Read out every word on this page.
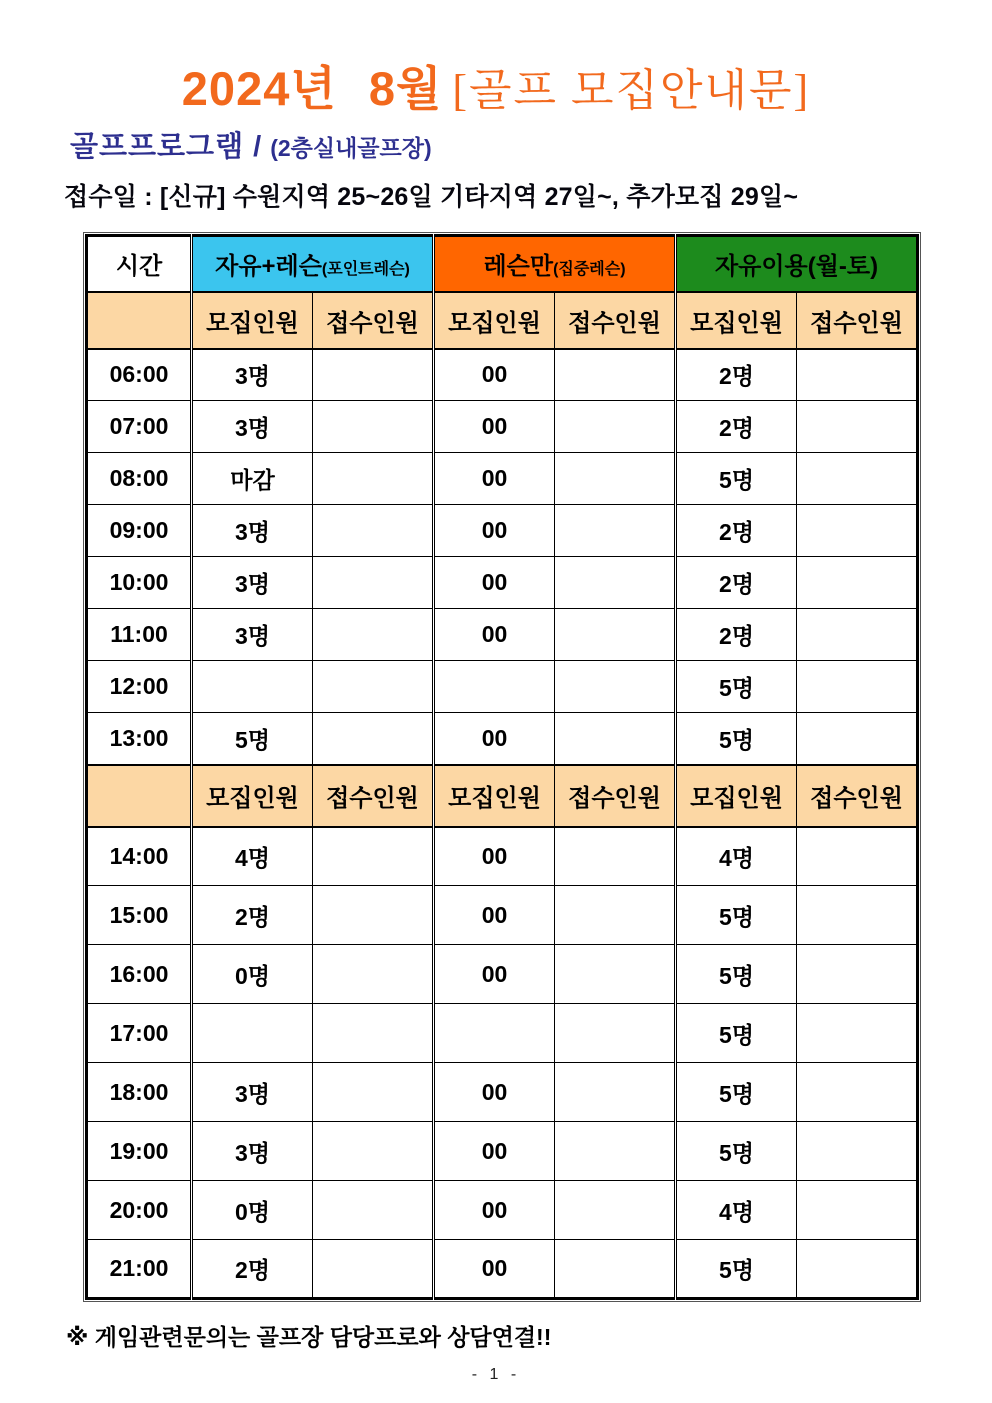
2024년 8월 [골프 모집안내문]
골프프로그램 / (2층실내골프장)
접수일 : [신규] 수원지역 25~26일 기타지역 27일~, 추가모집 29일~
시간	자유+레슨(포인트레슨)		레슨만(집중레슨)		자유이용(월-토)	
	모집인원	접수인원	모집인원	접수인원	모집인원	접수인원
06:00	3명		00		2명	
07:00	3명		00		2명	
08:00	마감		00		5명	
09:00	3명		00		2명	
10:00	3명		00		2명	
11:00	3명		00		2명	
12:00					5명	
13:00	5명		00		5명	
	모집인원	접수인원	모집인원	접수인원	모집인원	접수인원
14:00	4명		00		4명	
15:00	2명		00		5명	
16:00	0명		00		5명	
17:00					5명	
18:00	3명		00		5명	
19:00	3명		00		5명	
20:00	0명		00		4명	
21:00	2명		00		5명	
※ 게임관련문의는 골프장 담당프로와 상담연결!!
- 1 -
